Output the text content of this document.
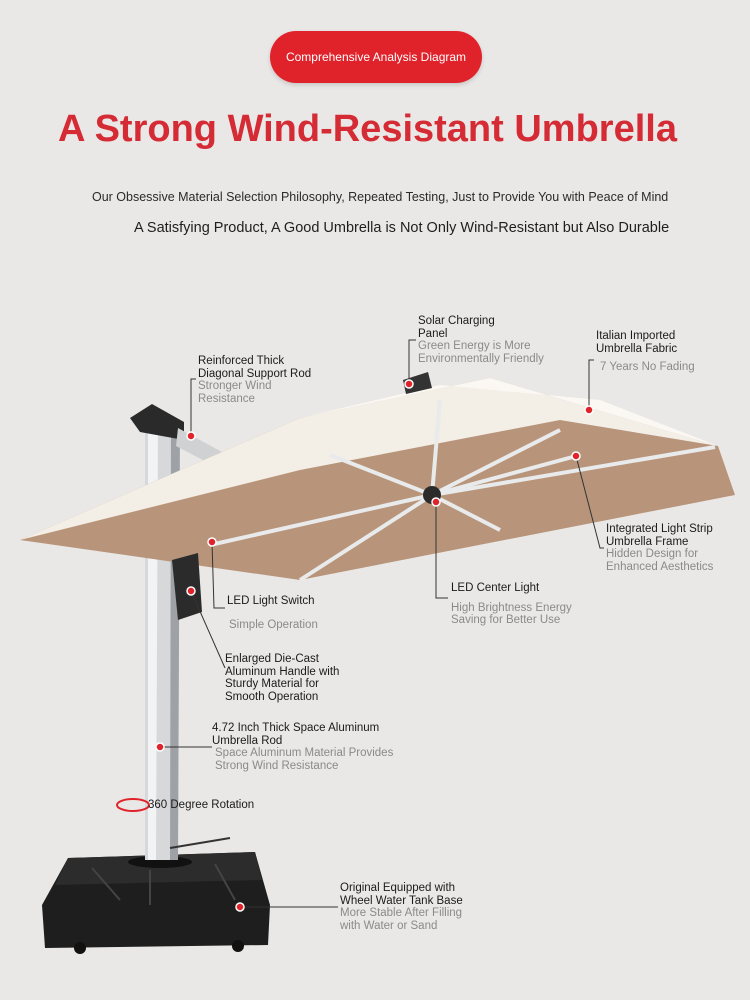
Comprehensive Analysis Diagram
A Strong Wind-Resistant Umbrella
Our Obsessive Material Selection Philosophy, Repeated Testing, Just to Provide You with Peace of Mind
A Satisfying Product, A Good Umbrella is Not Only Wind-Resistant but Also Durable
Solar Charging
Panel
Green Energy is More
Environmentally Friendly
Italian Imported
Umbrella Fabric
7 Years No Fading
Reinforced Thick
Diagonal Support Rod
Stronger Wind
Resistance
Integrated Light Strip
Umbrella Frame
Hidden Design for
Enhanced Aesthetics
LED Center Light
High Brightness Energy
Saving for Better Use
LED Light Switch
Simple Operation
Enlarged Die-Cast
Aluminum Handle with
Sturdy Material for
Smooth Operation
4.72 Inch Thick Space Aluminum
Umbrella Rod
Space Aluminum Material Provides
Strong Wind Resistance
360 Degree Rotation
Original Equipped with
Wheel Water Tank Base
More Stable After Filling
with Water or Sand
